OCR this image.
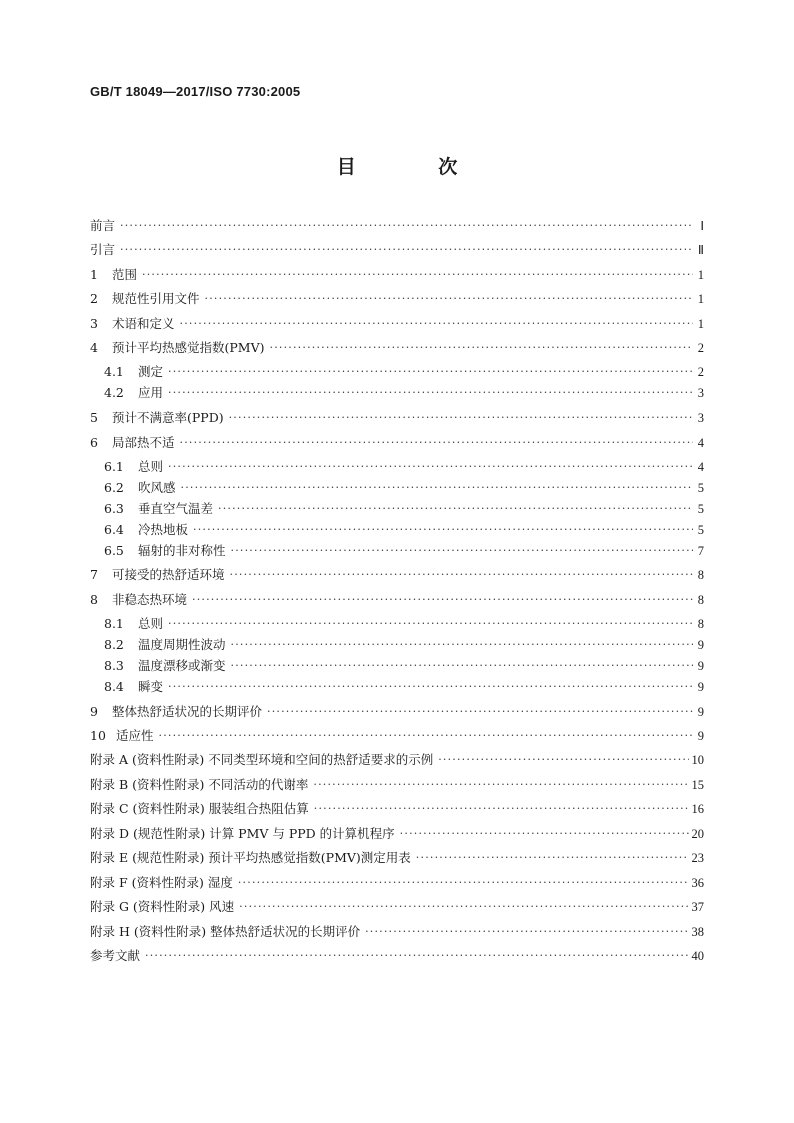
GB/T 18049—2017/ISO 7730:2005
目 次
前言 ·····	Ⅰ
引言 ·····	Ⅱ
1	范围 ·····	1
2	规范性引用文件 ·····	1
3	术语和定义 ·····	1
4	预计平均热感觉指数(PMV) ·····	2
4.1	测定 ·····	2
4.2	应用 ·····	3
5	预计不满意率(PPD) ·····	3
6	局部热不适 ·····	4
6.1	总则 ·····	4
6.2	吹风感 ·····	5
6.3	垂直空气温差 ·····	5
6.4	冷热地板 ·····	5
6.5	辐射的非对称性 ·····	7
7	可接受的热舒适环境 ·····	8
8	非稳态热环境 ·····	8
8.1	总则 ·····	8
8.2	温度周期性波动 ·····	9
8.3	温度漂移或渐变 ·····	9
8.4	瞬变 ·····	9
9	整体热舒适状况的长期评价 ·····	9
10 适应性 ·····	9
附录 A (资料性附录) 不同类型环境和空间的热舒适要求的示例 ·····	10
附录 B (资料性附录) 不同活动的代谢率 ·····	15
附录 C (资料性附录) 服装组合热阻估算 ·····	16
附录 D (规范性附录) 计算 PMV 与 PPD 的计算机程序 ·····	20
附录 E (规范性附录) 预计平均热感觉指数(PMV)测定用表 ·····	23
附录 F (资料性附录) 湿度 ·····	36
附录 G (资料性附录) 风速 ·····	37
附录 H (资料性附录) 整体热舒适状况的长期评价 ·····	38
参考文献 ·····	40
